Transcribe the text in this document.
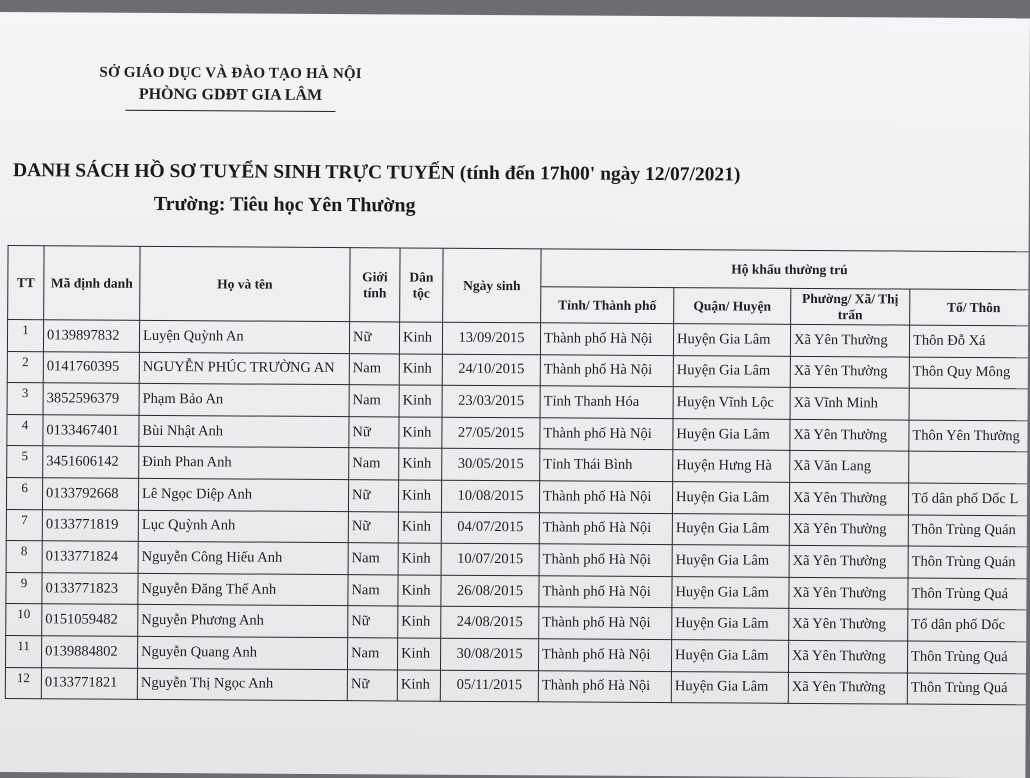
SỞ GIÁO DỤC VÀ ĐÀO TẠO HÀ NỘI
PHÒNG GDĐT GIA LÂM
DANH SÁCH HỒ SƠ TUYỂN SINH TRỰC TUYẾN (tính đến 17h00' ngày 12/07/2021)
Trường: Tiêu học Yên Thường
TT	Mã định danh	Họ và tên	Giới tính	Dân tộc	Ngày sinh	Hộ khẩu thường trú			
						Tỉnh/ Thành phố	Quận/ Huyện	Phường/ Xã/ Thị trấn	Tổ/ Thôn
1	0139897832	Luyện Quỳnh An	Nữ	Kinh	13/09/2015	Thành phố Hà Nội	Huyện Gia Lâm	Xã Yên Thường	Thôn Đỗ Xá
2	0141760395	NGUYỄN PHÚC TRƯỜNG AN	Nam	Kinh	24/10/2015	Thành phố Hà Nội	Huyện Gia Lâm	Xã Yên Thường	Thôn Quy Mông
3	3852596379	Phạm Bảo An	Nam	Kinh	23/03/2015	Tỉnh Thanh Hóa	Huyện Vĩnh Lộc	Xã Vĩnh Minh	
4	0133467401	Bùi Nhật Anh	Nữ	Kinh	27/05/2015	Thành phố Hà Nội	Huyện Gia Lâm	Xã Yên Thường	Thôn Yên Thường
5	3451606142	Đinh Phan Anh	Nam	Kinh	30/05/2015	Tỉnh Thái Bình	Huyện Hưng Hà	Xã Văn Lang	
6	0133792668	Lê Ngọc Diệp Anh	Nữ	Kinh	10/08/2015	Thành phố Hà Nội	Huyện Gia Lâm	Xã Yên Thường	Tổ dân phố Dốc L
7	0133771819	Lục Quỳnh Anh	Nữ	Kinh	04/07/2015	Thành phố Hà Nội	Huyện Gia Lâm	Xã Yên Thường	Thôn Trùng Quán
8	0133771824	Nguyễn Công Hiếu Anh	Nam	Kinh	10/07/2015	Thành phố Hà Nội	Huyện Gia Lâm	Xã Yên Thường	Thôn Trùng Quán
9	0133771823	Nguyễn Đăng Thế Anh	Nam	Kinh	26/08/2015	Thành phố Hà Nội	Huyện Gia Lâm	Xã Yên Thường	Thôn Trùng Quá
10	0151059482	Nguyễn Phương Anh	Nữ	Kinh	24/08/2015	Thành phố Hà Nội	Huyện Gia Lâm	Xã Yên Thường	Tổ dân phố Dốc
11	0139884802	Nguyễn Quang Anh	Nam	Kinh	30/08/2015	Thành phố Hà Nội	Huyện Gia Lâm	Xã Yên Thường	Thôn Trùng Quá
12	0133771821	Nguyễn Thị Ngọc Anh	Nữ	Kinh	05/11/2015	Thành phố Hà Nội	Huyện Gia Lâm	Xã Yên Thường	Thôn Trùng Quá
